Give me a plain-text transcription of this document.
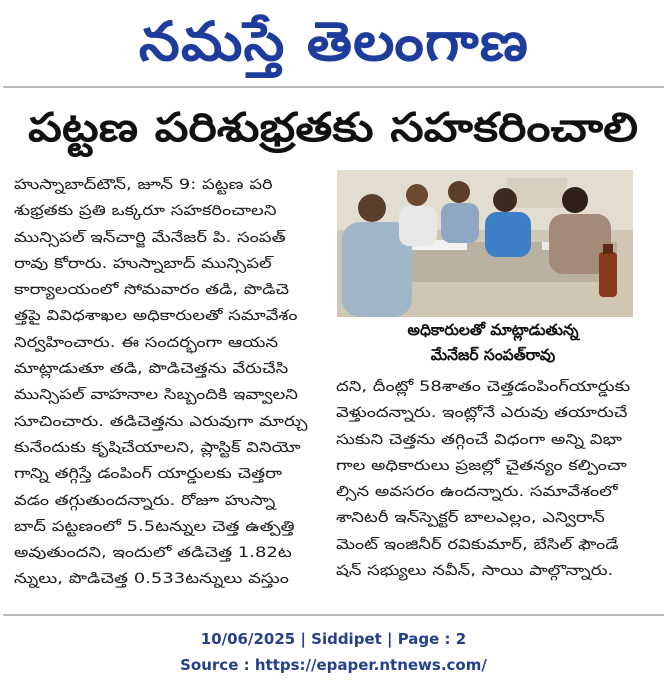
నమస్తే తెలంగాణ
పట్టణ పరిశుభ్రతకు సహకరించాలి
హుస్నాబాద్‌టౌన్, జూన్ 9: పట్టణ పరి
శుభ్రతకు ప్రతి ఒక్కరూ సహకరించాలని
మున్సిపల్ ఇన్‌చార్జి మేనేజర్ పి. సంపత్
రావు కోరారు. హుస్నాబాద్ మున్సిపల్
కార్యాలయంలో సోమవారం తడి, పొడిచె
త్తపై వివిధశాఖల అధికారులతో సమావేశం
నిర్వహించారు. ఈ సందర్భంగా ఆయన
మాట్లాడుతూ తడి, పొడిచెత్తను వేరుచేసి
మున్సిపల్ వాహనాల సిబ్బందికి ఇవ్వాలని
సూచించారు. తడిచెత్తను ఎరువుగా మార్చు
కునేందుకు కృషిచేయాలని, ప్లాస్టిక్ వినియో
గాన్ని తగ్గిస్తే డంపింగ్ యార్డులకు చెత్తరా
వడం తగ్గుతుందన్నారు. రోజూ హుస్నా
బాద్ పట్టణంలో 5.5టన్నుల చెత్త ఉత్పత్తి
అవుతుందని, ఇందులో తడిచెత్త 1.82ట
న్నులు, పొడిచెత్త 0.533టన్నులు వస్తుం
అధికారులతో మాట్లాడుతున్న
మేనేజర్ సంపత్‌రావు
దని, దీంట్లో 58శాతం చెత్తడంపింగ్‌యార్డుకు
వెళ్తుందన్నారు. ఇంట్లోనే ఎరువు తయారుచే
సుకుని చెత్తను తగ్గించే విధంగా అన్ని విభా
గాల అధికారులు ప్రజల్లో చైతన్యం కల్పించా
ల్సిన అవసరం ఉందన్నారు. సమావేశంలో
శానిటరీ ఇన్‌స్పెక్టర్ బాలఎల్లం, ఎన్విరాన్
మెంట్ ఇంజినీర్ రవికుమార్, బేసిల్ ఫౌండే
షన్ సభ్యులు నవీన్, సాయి పాల్గొన్నారు.
10/06/2025 | Siddipet | Page : 2
Source : https://epaper.ntnews.com/
